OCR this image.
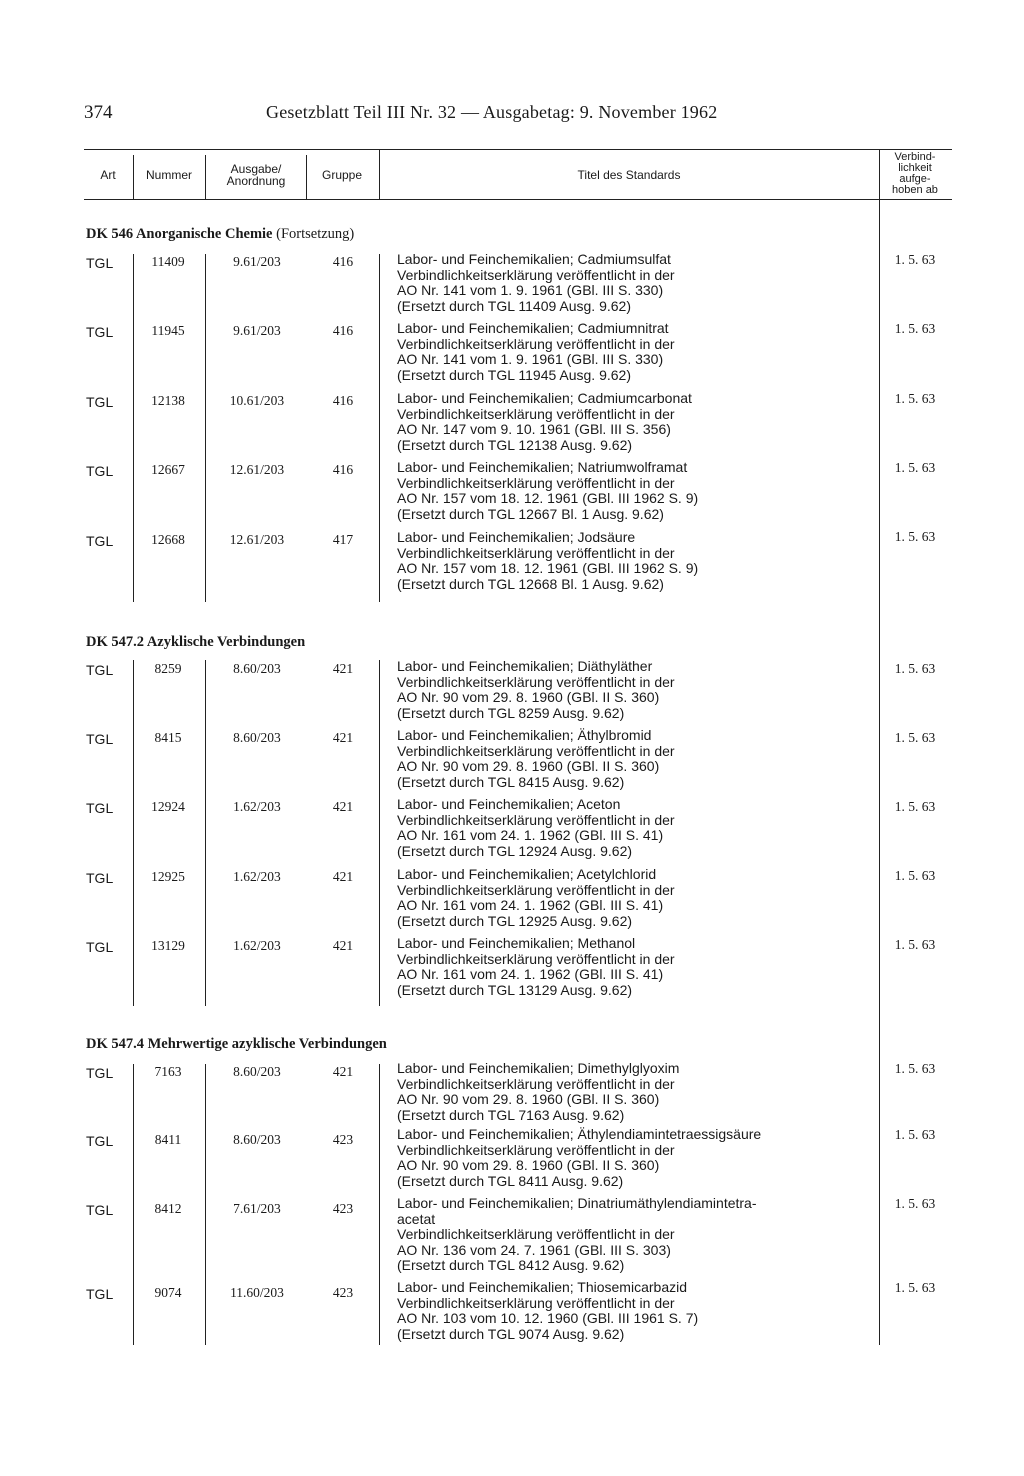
374	Gesetzblatt Teil III Nr. 32 — Ausgabetag: 9. November 1962
Art	Nummer	Ausgabe/
Anordnung	Gruppe	Titel des Standards
Verbind-
lichkeit
aufge-
hoben ab
DK 546 Anorganische Chemie (Fortsetzung)
TGL	11409	9.61/203	416	Labor- und Feinchemikalien; Cadmiumsulfat
Verbindlichkeitserklärung veröffentlicht in der
AO Nr. 141 vom 1. 9. 1961 (GBl. III S. 330)
(Ersetzt durch TGL 11409 Ausg. 9.62)
1. 5. 63
TGL	11945	9.61/203	416	Labor- und Feinchemikalien; Cadmiumnitrat
Verbindlichkeitserklärung veröffentlicht in der
AO Nr. 141 vom 1. 9. 1961 (GBl. III S. 330)
(Ersetzt durch TGL 11945 Ausg. 9.62)
1. 5. 63
TGL	12138	10.61/203	416	Labor- und Feinchemikalien; Cadmiumcarbonat
Verbindlichkeitserklärung veröffentlicht in der
AO Nr. 147 vom 9. 10. 1961 (GBl. III S. 356)
(Ersetzt durch TGL 12138 Ausg. 9.62)
1. 5. 63
TGL	12667	12.61/203	416	Labor- und Feinchemikalien; Natriumwolframat
Verbindlichkeitserklärung veröffentlicht in der
AO Nr. 157 vom 18. 12. 1961 (GBl. III 1962 S. 9)
(Ersetzt durch TGL 12667 Bl. 1 Ausg. 9.62)
1. 5. 63
TGL	12668	12.61/203	417	Labor- und Feinchemikalien; Jodsäure
Verbindlichkeitserklärung veröffentlicht in der
AO Nr. 157 vom 18. 12. 1961 (GBl. III 1962 S. 9)
(Ersetzt durch TGL 12668 Bl. 1 Ausg. 9.62)
1. 5. 63
DK 547.2 Azyklische Verbindungen
TGL	8259	8.60/203	421	Labor- und Feinchemikalien; Diäthyläther
Verbindlichkeitserklärung veröffentlicht in der
AO Nr. 90 vom 29. 8. 1960 (GBl. II S. 360)
(Ersetzt durch TGL 8259 Ausg. 9.62)
1. 5. 63
TGL	8415	8.60/203	421	Labor- und Feinchemikalien; Äthylbromid
Verbindlichkeitserklärung veröffentlicht in der
AO Nr. 90 vom 29. 8. 1960 (GBl. II S. 360)
(Ersetzt durch TGL 8415 Ausg. 9.62)
1. 5. 63
TGL	12924	1.62/203	421	Labor- und Feinchemikalien; Aceton
Verbindlichkeitserklärung veröffentlicht in der
AO Nr. 161 vom 24. 1. 1962 (GBl. III S. 41)
(Ersetzt durch TGL 12924 Ausg. 9.62)
1. 5. 63
TGL	12925	1.62/203	421	Labor- und Feinchemikalien; Acetylchlorid
Verbindlichkeitserklärung veröffentlicht in der
AO Nr. 161 vom 24. 1. 1962 (GBl. III S. 41)
(Ersetzt durch TGL 12925 Ausg. 9.62)
1. 5. 63
TGL	13129	1.62/203	421	Labor- und Feinchemikalien; Methanol
Verbindlichkeitserklärung veröffentlicht in der
AO Nr. 161 vom 24. 1. 1962 (GBl. III S. 41)
(Ersetzt durch TGL 13129 Ausg. 9.62)
1. 5. 63
DK 547.4 Mehrwertige azyklische Verbindungen
TGL	7163	8.60/203	421	Labor- und Feinchemikalien; Dimethylglyoxim
Verbindlichkeitserklärung veröffentlicht in der
AO Nr. 90 vom 29. 8. 1960 (GBl. II S. 360)
(Ersetzt durch TGL 7163 Ausg. 9.62)
1. 5. 63
TGL	8411	8.60/203	423	Labor- und Feinchemikalien; Äthylendiamintetraessigsäure
Verbindlichkeitserklärung veröffentlicht in der
AO Nr. 90 vom 29. 8. 1960 (GBl. II S. 360)
(Ersetzt durch TGL 8411 Ausg. 9.62)
1. 5. 63
TGL	8412	7.61/203	423	Labor- und Feinchemikalien; Dinatriumäthylendiamintetra-
acetat
Verbindlichkeitserklärung veröffentlicht in der
AO Nr. 136 vom 24. 7. 1961 (GBl. III S. 303)
(Ersetzt durch TGL 8412 Ausg. 9.62)
1. 5. 63
TGL	9074	11.60/203	423	Labor- und Feinchemikalien; Thiosemicarbazid
Verbindlichkeitserklärung veröffentlicht in der
AO Nr. 103 vom 10. 12. 1960 (GBl. III 1961 S. 7)
(Ersetzt durch TGL 9074 Ausg. 9.62)
1. 5. 63
